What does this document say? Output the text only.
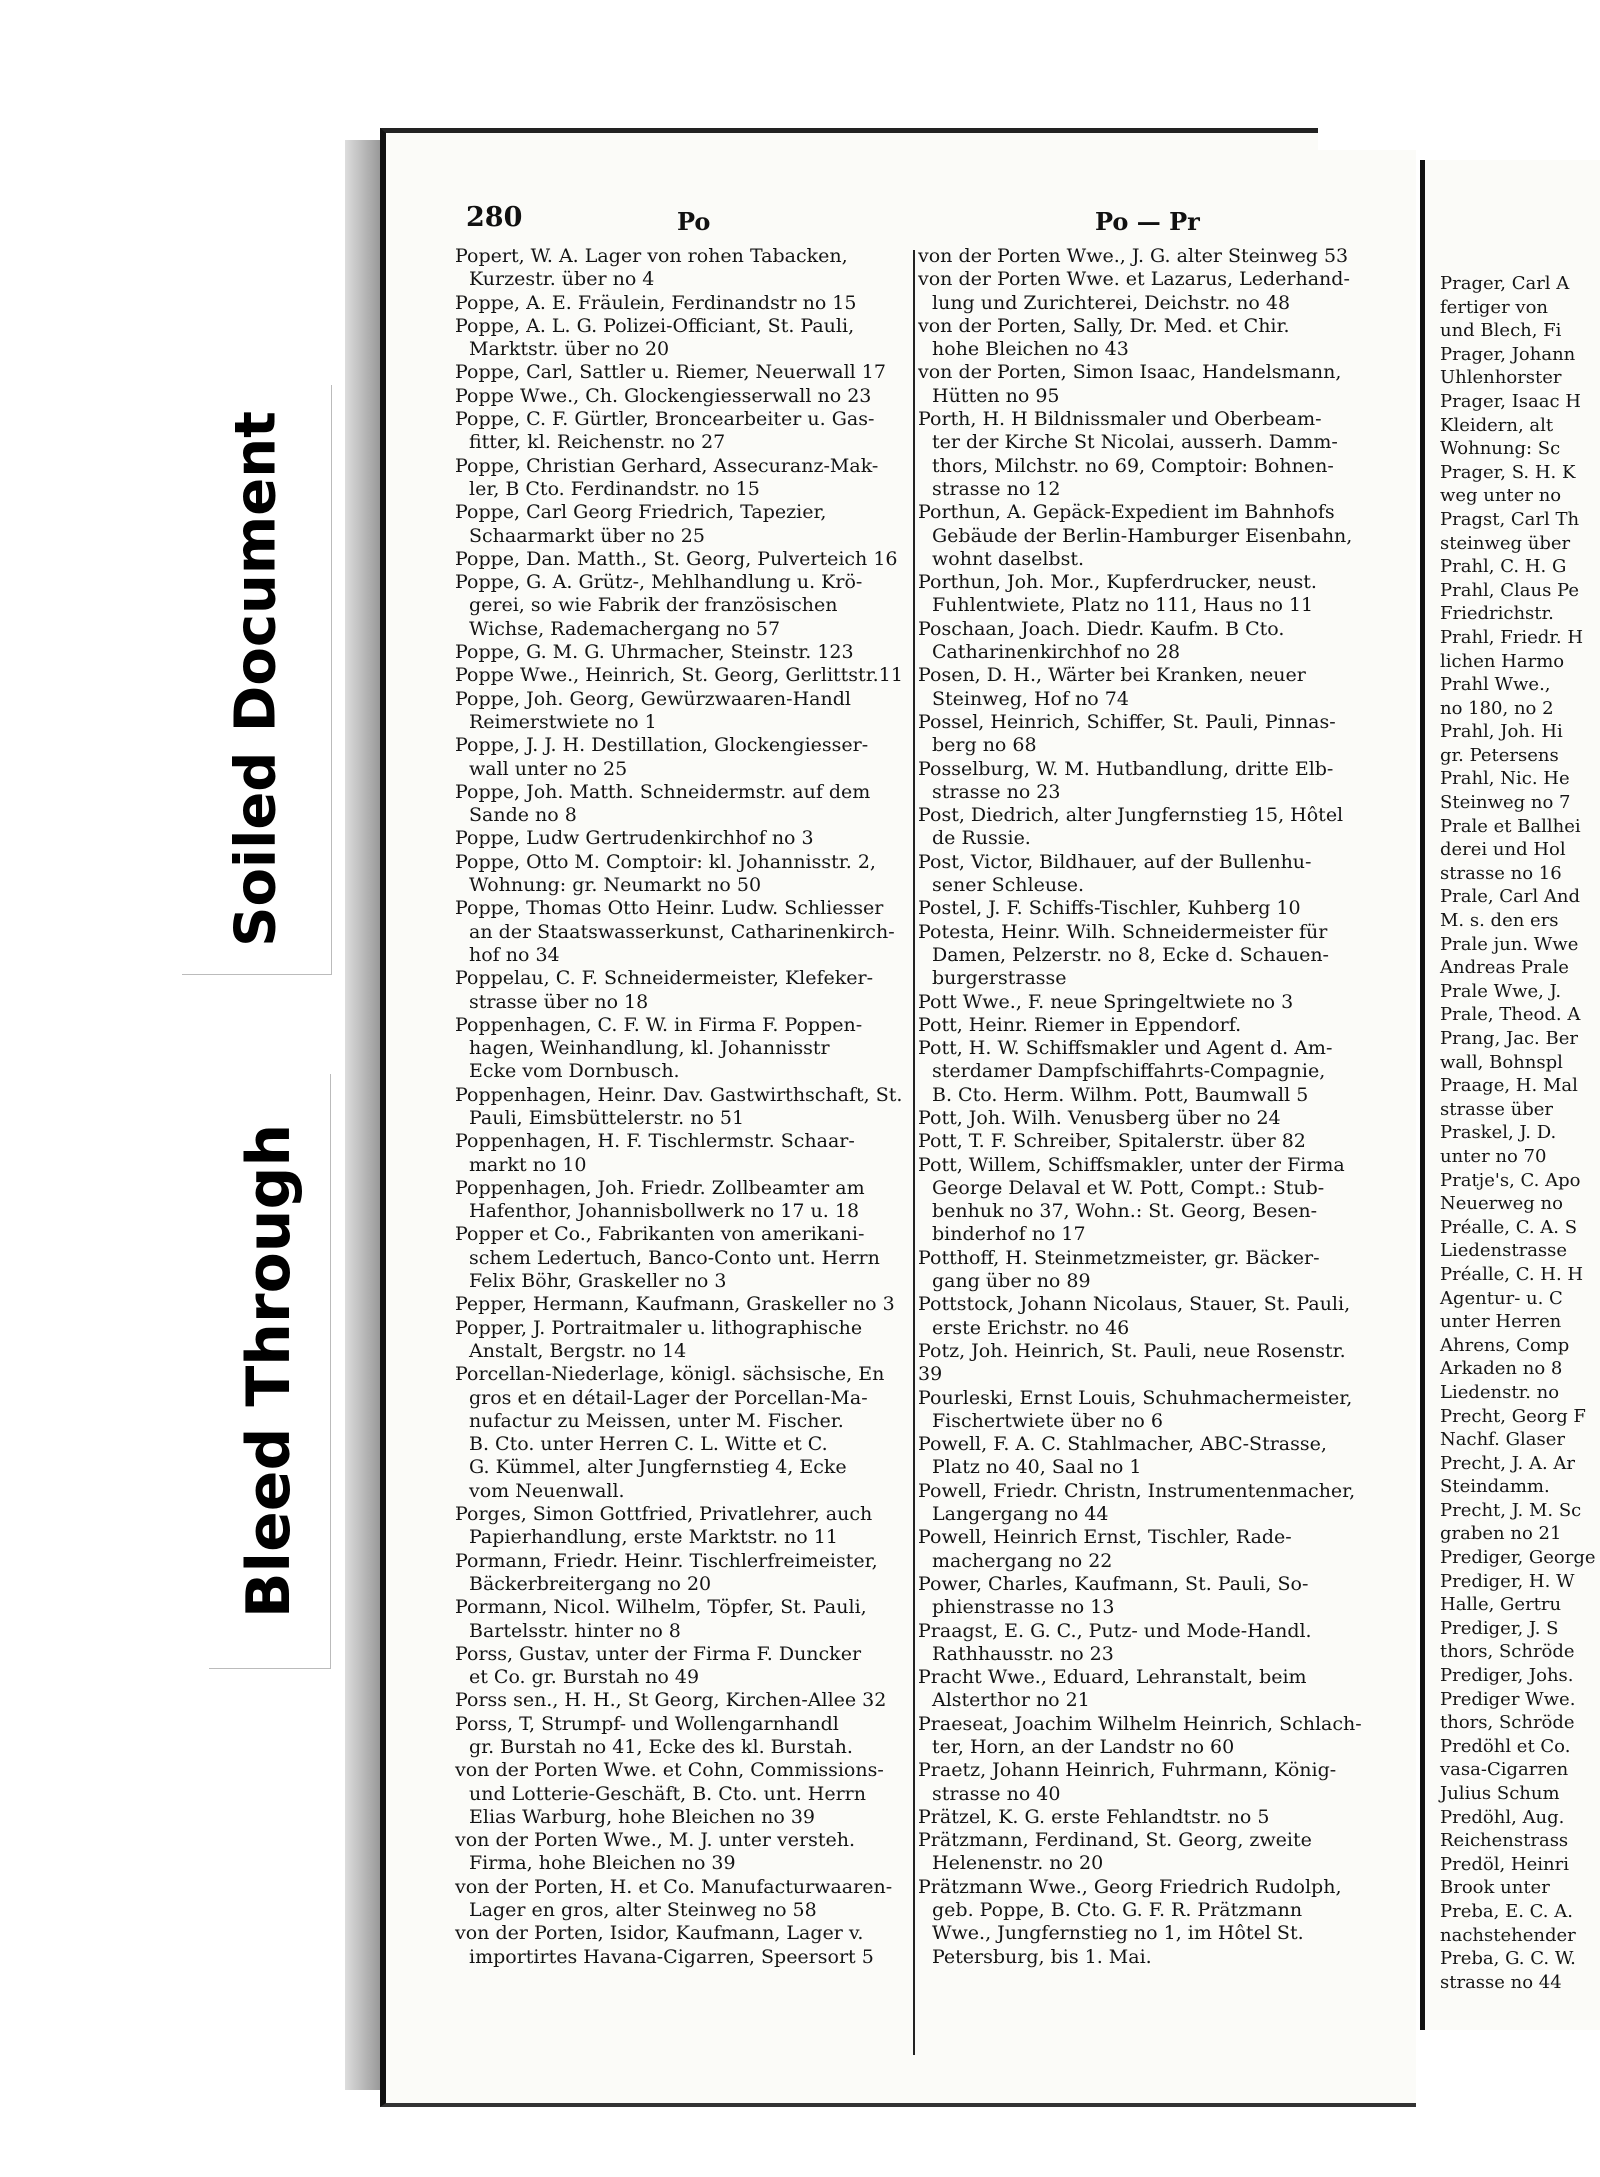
280	Po	Po — Pr
Popert, W. A. Lager von rohen Tabacken,
Kurzestr. über no 4
Poppe, A. E. Fräulein, Ferdinandstr no 15
Poppe, A. L. G. Polizei-Officiant, St. Pauli,
Marktstr. über no 20
Poppe, Carl, Sattler u. Riemer, Neuerwall 17
Poppe Wwe., Ch. Glockengiesserwall no 23
Poppe, C. F. Gürtler, Broncearbeiter u. Gas-
fitter, kl. Reichenstr. no 27
Poppe, Christian Gerhard, Assecuranz-Mak-
ler, B Cto. Ferdinandstr. no 15
Poppe, Carl Georg Friedrich, Tapezier,
Schaarmarkt über no 25
Poppe, Dan. Matth., St. Georg, Pulverteich 16
Poppe, G. A. Grütz-, Mehlhandlung u. Krö-
gerei, so wie Fabrik der französischen
Wichse, Rademachergang no 57
Poppe, G. M. G. Uhrmacher, Steinstr. 123
Poppe Wwe., Heinrich, St. Georg, Gerlittstr.11
Poppe, Joh. Georg, Gewürzwaaren-Handl
Reimerstwiete no 1
Poppe, J. J. H. Destillation, Glockengiesser-
wall unter no 25
Poppe, Joh. Matth. Schneidermstr. auf dem
Sande no 8
Poppe, Ludw Gertrudenkirchhof no 3
Poppe, Otto M. Comptoir: kl. Johannisstr. 2,
Wohnung: gr. Neumarkt no 50
Poppe, Thomas Otto Heinr. Ludw. Schliesser
an der Staatswasserkunst, Catharinenkirch-
hof no 34
Poppelau, C. F. Schneidermeister, Klefeker-
strasse über no 18
Poppenhagen, C. F. W. in Firma F. Poppen-
hagen, Weinhandlung, kl. Johannisstr
Ecke vom Dornbusch.
Poppenhagen, Heinr. Dav. Gastwirthschaft, St.
Pauli, Eimsbüttelerstr. no 51
Poppenhagen, H. F. Tischlermstr. Schaar-
markt no 10
Poppenhagen, Joh. Friedr. Zollbeamter am
Hafenthor, Johannisbollwerk no 17 u. 18
Popper et Co., Fabrikanten von amerikani-
schem Ledertuch, Banco-Conto unt. Herrn
Felix Böhr, Graskeller no 3
Pepper, Hermann, Kaufmann, Graskeller no 3
Popper, J. Portraitmaler u. lithographische
Anstalt, Bergstr. no 14
Porcellan-Niederlage, königl. sächsische, En
gros et en détail-Lager der Porcellan-Ma-
nufactur zu Meissen, unter M. Fischer.
B. Cto. unter Herren C. L. Witte et C.
G. Kümmel, alter Jungfernstieg 4, Ecke
vom Neuenwall.
Porges, Simon Gottfried, Privatlehrer, auch
Papierhandlung, erste Marktstr. no 11
Pormann, Friedr. Heinr. Tischlerfreimeister,
Bäckerbreitergang no 20
Pormann, Nicol. Wilhelm, Töpfer, St. Pauli,
Bartelsstr. hinter no 8
Porss, Gustav, unter der Firma F. Duncker
et Co. gr. Burstah no 49
Porss sen., H. H., St Georg, Kirchen-Allee 32
Porss, T, Strumpf- und Wollengarnhandl
gr. Burstah no 41, Ecke des kl. Burstah.
von der Porten Wwe. et Cohn, Commissions-
und Lotterie-Geschäft, B. Cto. unt. Herrn
Elias Warburg, hohe Bleichen no 39
von der Porten Wwe., M. J. unter versteh.
Firma, hohe Bleichen no 39
von der Porten, H. et Co. Manufacturwaaren-
Lager en gros, alter Steinweg no 58
von der Porten, Isidor, Kaufmann, Lager v.
importirtes Havana-Cigarren, Speersort 5
von der Porten Wwe., J. G. alter Steinweg 53
von der Porten Wwe. et Lazarus, Lederhand-
lung und Zurichterei, Deichstr. no 48
von der Porten, Sally, Dr. Med. et Chir.
hohe Bleichen no 43
von der Porten, Simon Isaac, Handelsmann,
Hütten no 95
Porth, H. H Bildnissmaler und Oberbeam-
ter der Kirche St Nicolai, ausserh. Damm-
thors, Milchstr. no 69, Comptoir: Bohnen-
strasse no 12
Porthun, A. Gepäck-Expedient im Bahnhofs
Gebäude der Berlin-Hamburger Eisenbahn,
wohnt daselbst.
Porthun, Joh. Mor., Kupferdrucker, neust.
Fuhlentwiete, Platz no 111, Haus no 11
Poschaan, Joach. Diedr. Kaufm. B Cto.
Catharinenkirchhof no 28
Posen, D. H., Wärter bei Kranken, neuer
Steinweg, Hof no 74
Possel, Heinrich, Schiffer, St. Pauli, Pinnas-
berg no 68
Posselburg, W. M. Hutbandlung, dritte Elb-
strasse no 23
Post, Diedrich, alter Jungfernstieg 15, Hôtel
de Russie.
Post, Victor, Bildhauer, auf der Bullenhu-
sener Schleuse.
Postel, J. F. Schiffs-Tischler, Kuhberg 10
Potesta, Heinr. Wilh. Schneidermeister für
Damen, Pelzerstr. no 8, Ecke d. Schauen-
burgerstrasse
Pott Wwe., F. neue Springeltwiete no 3
Pott, Heinr. Riemer in Eppendorf.
Pott, H. W. Schiffsmakler und Agent d. Am-
sterdamer Dampfschiffahrts-Compagnie,
B. Cto. Herm. Wilhm. Pott, Baumwall 5
Pott, Joh. Wilh. Venusberg über no 24
Pott, T. F. Schreiber, Spitalerstr. über 82
Pott, Willem, Schiffsmakler, unter der Firma
George Delaval et W. Pott, Compt.: Stub-
benhuk no 37, Wohn.: St. Georg, Besen-
binderhof no 17
Potthoff, H. Steinmetzmeister, gr. Bäcker-
gang über no 89
Pottstock, Johann Nicolaus, Stauer, St. Pauli,
erste Erichstr. no 46
Potz, Joh. Heinrich, St. Pauli, neue Rosenstr. 39
Pourleski, Ernst Louis, Schuhmachermeister,
Fischertwiete über no 6
Powell, F. A. C. Stahlmacher, ABC-Strasse,
Platz no 40, Saal no 1
Powell, Friedr. Christn, Instrumentenmacher,
Langergang no 44
Powell, Heinrich Ernst, Tischler, Rade-
machergang no 22
Power, Charles, Kaufmann, St. Pauli, So-
phienstrasse no 13
Praagst, E. G. C., Putz- und Mode-Handl.
Rathhausstr. no 23
Pracht Wwe., Eduard, Lehranstalt, beim
Alsterthor no 21
Praeseat, Joachim Wilhelm Heinrich, Schlach-
ter, Horn, an der Landstr no 60
Praetz, Johann Heinrich, Fuhrmann, König-
strasse no 40
Prätzel, K. G. erste Fehlandtstr. no 5
Prätzmann, Ferdinand, St. Georg, zweite
Helenenstr. no 20
Prätzmann Wwe., Georg Friedrich Rudolph,
geb. Poppe, B. Cto. G. F. R. Prätzmann
Wwe., Jungfernstieg no 1, im Hôtel St.
Petersburg, bis 1. Mai.
Prager, Carl A
fertiger von
und Blech, Fi
Prager, Johann
Uhlenhorster
Prager, Isaac H
Kleidern, alt
Wohnung: Sc
Prager, S. H. K
weg unter no
Pragst, Carl Th
steinweg über
Prahl, C. H. G
Prahl, Claus Pe
Friedrichstr.
Prahl, Friedr. H
lichen Harmo
Prahl Wwe.,
no 180, no 2
Prahl, Joh. Hi
gr. Petersens
Prahl, Nic. He
Steinweg no 7
Prale et Ballhei
derei und Hol
strasse no 16
Prale, Carl And
M. s. den ers
Prale jun. Wwe
Andreas Prale
Prale Wwe, J.
Prale, Theod. A
Prang, Jac. Ber
wall, Bohnspl
Praage, H. Mal
strasse über
Praskel, J. D.
unter no 70
Pratje's, C. Apo
Neuerweg no
Préalle, C. A. S
Liedenstrasse
Préalle, C. H. H
Agentur- u. C
unter Herren
Ahrens, Comp
Arkaden no 8
Liedenstr. no
Precht, Georg F
Nachf. Glaser
Precht, J. A. Ar
Steindamm.
Precht, J. M. Sc
graben no 21
Prediger, George
Prediger, H. W
Halle, Gertru
Prediger, J. S
thors, Schröde
Prediger, Johs.
Prediger Wwe.
thors, Schröde
Predöhl et Co.
vasa-Cigarren
Julius Schum
Predöhl, Aug.
Reichenstrass
Predöl, Heinri
Brook unter
Preba, E. C. A.
nachstehender
Preba, G. C. W.
strasse no 44
Soiled Document
Bleed Through
